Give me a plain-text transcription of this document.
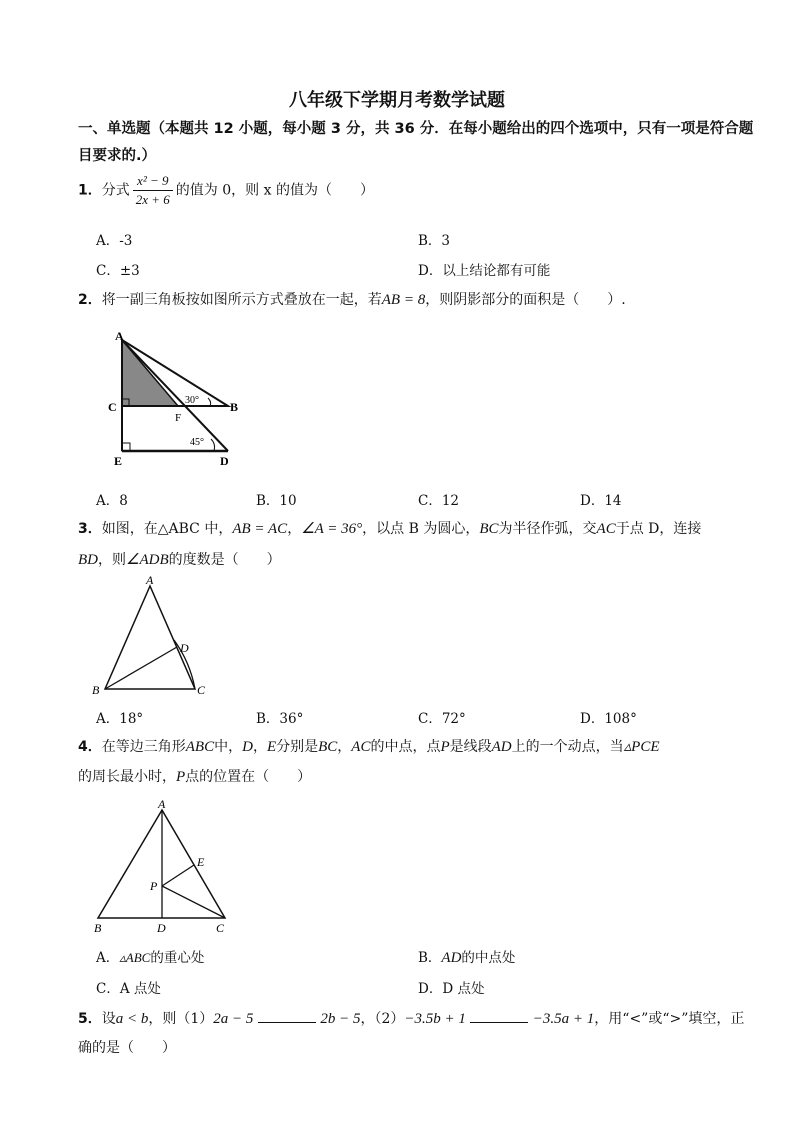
八年级下学期月考数学试题
一、单选题（本题共 12 小题，每小题 3 分，共 36 分．在每小题给出的四个选项中，只有一项是符合题目要求的.）
1．分式 $\frac{\text{x² − 9}}{2x + 6}$ 的值为 0，则 x 的值为（　　）
A．-3	B．3
C．±3	D．以上结论都有可能
2．将一副三角板按如图所示方式叠放在一起，若AB = 8，则阴影部分的面积是（　　）.
A
C
F
B
E	D
30°
45°
A．8	B．10	C．12	D．14
3．如图，在△ABC 中，AB = AC，∠A = 36°，以点 B 为圆心，BC为半径作弧，交AC于点 D，连接
BD，则∠ADB的度数是（　　）
A
D
B	C
A．18°	B．36°	C．72°	D．108°
4．在等边三角形ABC中，D，E分别是BC，AC的中点，点P是线段AD上的一个动点，当▵PCE
的周长最小时，P点的位置在（　　）
A
E
P
B	D	C
A．▵ABC的重心处	B．AD的中点处
C．A 点处	D．D 点处
5．设a < b，则（1）2a − 5	2b − 5，（2）−3.5b + 1	−3.5a + 1，用“<”或“>”填空，正
确的是（　　）
